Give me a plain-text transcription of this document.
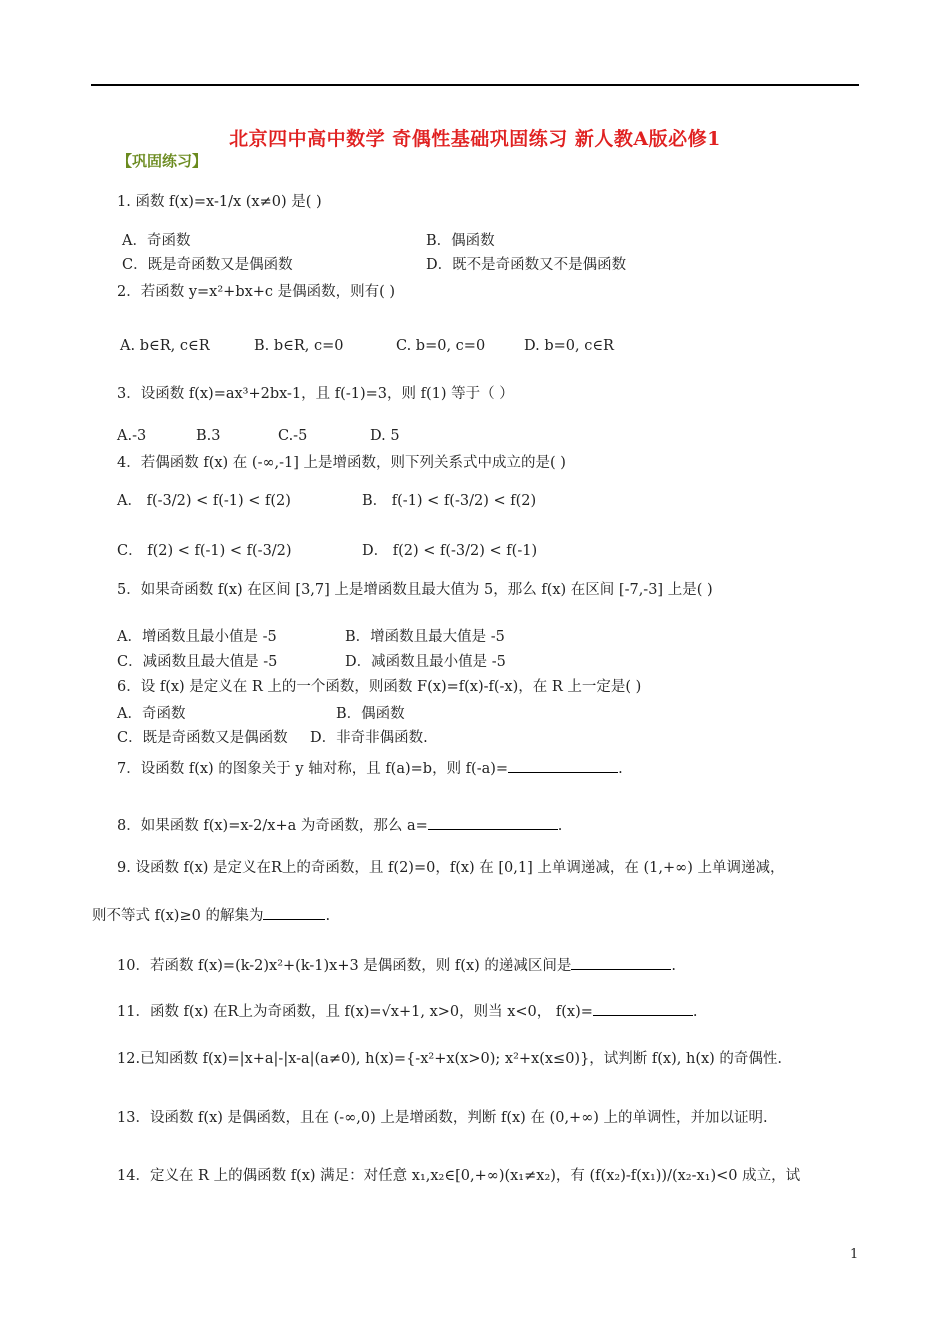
北京四中高中数学 奇偶性基础巩固练习 新人教A版必修1
【巩固练习】
1. 函数 f(x)=x-1/x (x≠0) 是( )
A．奇函数	B．偶函数
C．既是奇函数又是偶函数	D．既不是奇函数又不是偶函数
2．若函数 y=x²+bx+c 是偶函数，则有( )
A. b∈R, c∈R	B. b∈R, c=0	C. b=0, c=0	D. b=0, c∈R
3．设函数 f(x)=ax³+2bx-1，且 f(-1)=3，则 f(1) 等于（ ）
A.-3	B.3	C.-5	D. 5
4．若偶函数 f(x) 在 (-∞,-1] 上是增函数，则下列关系式中成立的是( )
A． f(-3/2) < f(-1) < f(2)	B． f(-1) < f(-3/2) < f(2)
C． f(2) < f(-1) < f(-3/2)	D． f(2) < f(-3/2) < f(-1)
5．如果奇函数 f(x) 在区间 [3,7] 上是增函数且最大值为 5，那么 f(x) 在区间 [-7,-3] 上是( )
A．增函数且最小值是 -5	B．增函数且最大值是 -5
C．减函数且最大值是 -5	D．减函数且最小值是 -5
6．设 f(x) 是定义在 R 上的一个函数，则函数 F(x)=f(x)-f(-x)，在 R 上一定是( )
A．奇函数	B．偶函数
C．既是奇函数又是偶函数 D．非奇非偶函数.
7．设函数 f(x) 的图象关于 y 轴对称，且 f(a)=b，则 f(-a)=	.
8．如果函数 f(x)=x-2/x+a 为奇函数，那么 a=	.
9. 设函数 f(x) 是定义在R上的奇函数，且 f(2)=0，f(x) 在 [0,1] 上单调递减，在 (1,+∞) 上单调递减，
则不等式 f(x)≥0 的解集为	.
10．若函数 f(x)=(k-2)x²+(k-1)x+3 是偶函数，则 f(x) 的递减区间是	.
11．函数 f(x) 在R上为奇函数，且 f(x)=√x+1, x>0，则当 x<0， f(x)=	.
12.已知函数 f(x)=|x+a|-|x-a|(a≠0), h(x)={-x²+x(x>0); x²+x(x≤0)}，试判断 f(x), h(x) 的奇偶性.
13．设函数 f(x) 是偶函数，且在 (-∞,0) 上是增函数，判断 f(x) 在 (0,+∞) 上的单调性，并加以证明.
14．定义在 R 上的偶函数 f(x) 满足：对任意 x₁,x₂∈[0,+∞)(x₁≠x₂)，有 (f(x₂)-f(x₁))/(x₂-x₁)<0 成立，试
1
